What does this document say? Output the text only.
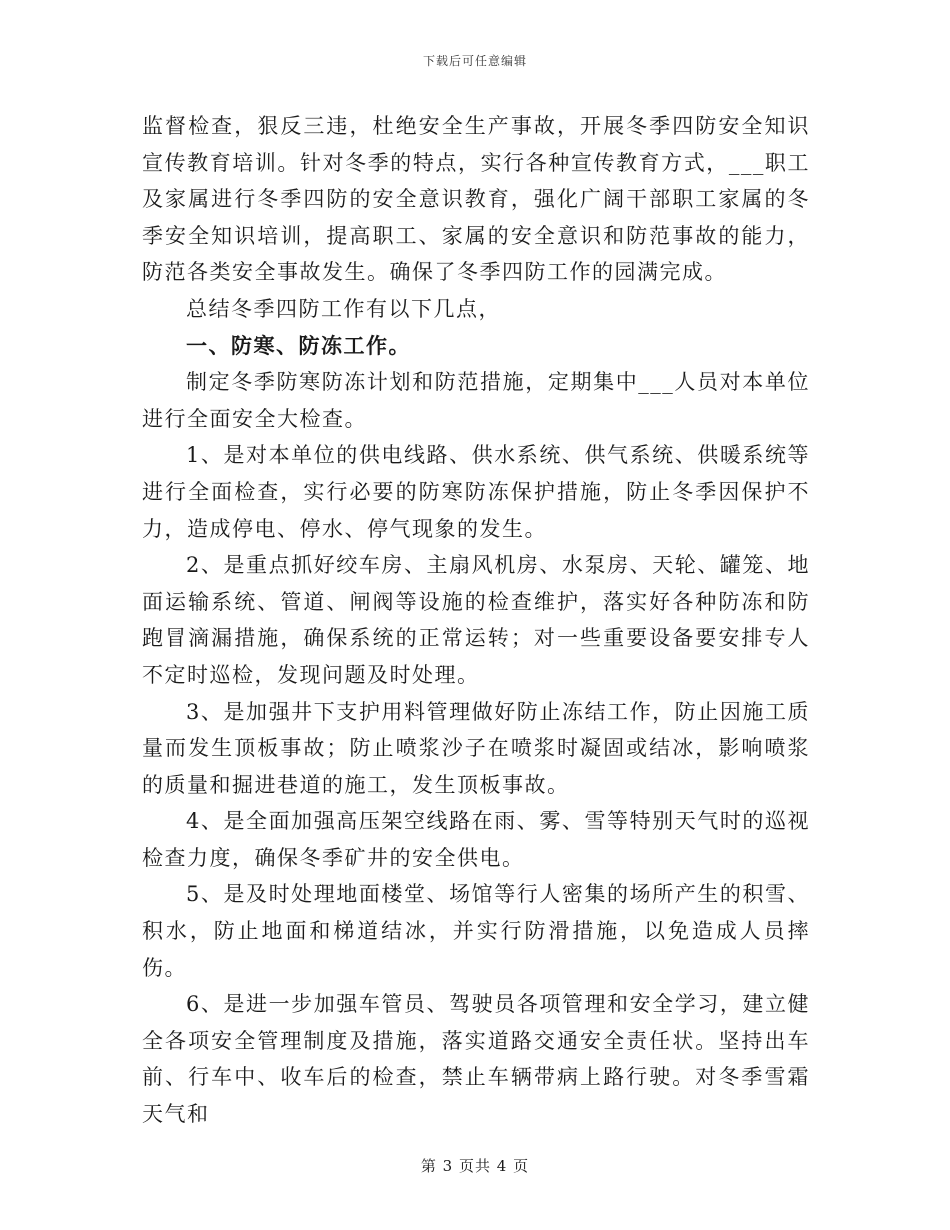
下载后可任意编辑

监督检查，狠反三违，杜绝安全生产事故，开展冬季四防安全知识宣传教育培训。针对冬季的特点，实行各种宣传教育方式，___职工及家属进行冬季四防的安全意识教育，强化广阔干部职工家属的冬季安全知识培训，提高职工、家属的安全意识和防范事故的能力，防范各类安全事故发生。确保了冬季四防工作的园满完成。

总结冬季四防工作有以下几点，

一、防寒、防冻工作。

制定冬季防寒防冻计划和防范措施，定期集中___人员对本单位进行全面安全大检查。

1、是对本单位的供电线路、供水系统、供气系统、供暖系统等进行全面检查，实行必要的防寒防冻保护措施，防止冬季因保护不力，造成停电、停水、停气现象的发生。

2、是重点抓好绞车房、主扇风机房、水泵房、天轮、罐笼、地面运输系统、管道、闸阀等设施的检查维护，落实好各种防冻和防跑冒滴漏措施，确保系统的正常运转；对一些重要设备要安排专人不定时巡检，发现问题及时处理。

3、是加强井下支护用料管理做好防止冻结工作，防止因施工质量而发生顶板事故；防止喷浆沙子在喷浆时凝固或结冰，影响喷浆的质量和掘进巷道的施工，发生顶板事故。

4、是全面加强高压架空线路在雨、雾、雪等特别天气时的巡视检查力度，确保冬季矿井的安全供电。

5、是及时处理地面楼堂、场馆等行人密集的场所产生的积雪、积水，防止地面和梯道结冰，并实行防滑措施，以免造成人员摔伤。

6、是进一步加强车管员、驾驶员各项管理和安全学习，建立健全各项安全管理制度及措施，落实道路交通安全责任状。坚持出车前、行车中、收车后的检查，禁止车辆带病上路行驶。对冬季雪霜天气和

第 3 页共 4 页
